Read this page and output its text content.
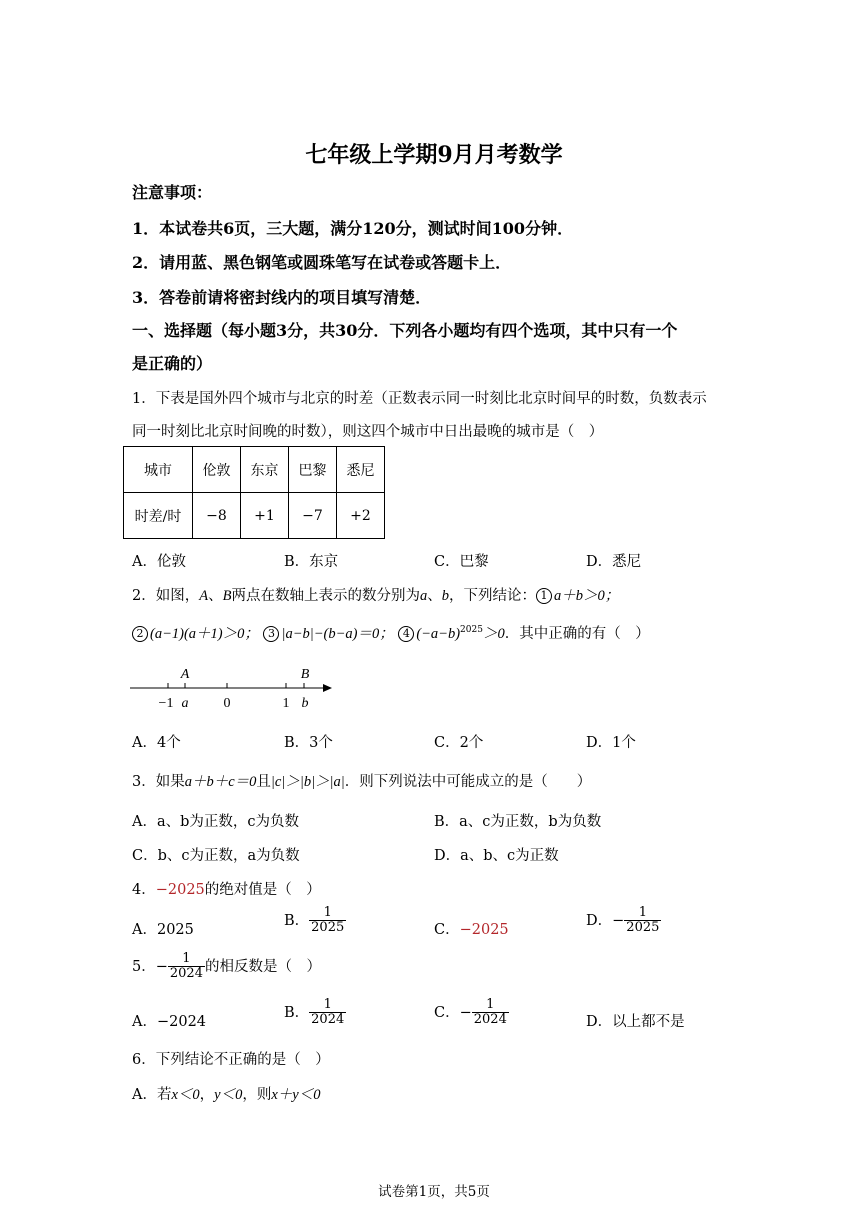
七年级上学期9月月考数学
注意事项：
1．本试卷共6页，三大题，满分120分，测试时间100分钟．
2．请用蓝、黑色钢笔或圆珠笔写在试卷或答题卡上．
3．答卷前请将密封线内的项目填写清楚．
一、选择题（每小题3分，共30分．下列各小题均有四个选项，其中只有一个
是正确的）
1．下表是国外四个城市与北京的时差（正数表示同一时刻比北京时间早的时数，负数表示
同一时刻比北京时间晚的时数），则这四个城市中日出最晚的城市是（　）
城市	伦敦	东京	巴黎	悉尼
时差/时	−8	+1	−7	+2
A．伦敦	B．东京	C．巴黎	D．悉尼
2．如图，A、B两点在数轴上表示的数分别为a、b，下列结论： 1 a＋b＞0；
2 (a−1)(a＋1)＞0； 3 |a−b|−(b−a)＝0； 4 $(-a-b)^{2025}>0$．其中正确的有（　）
A	B
−1 a	0	1 b
A．4个	B．3个	C．2个	D．1个
3．如果a＋b＋c＝0且|c|＞|b|＞|a|．则下列说法中可能成立的是（　　）
A．a、b为正数，c为负数	B．a、c为正数，b为负数
C．b、c为正数，a为负数	D．a、b、c为正数
4．−2025的绝对值是（　）
A．2025
B． $\frac{1}{2025}$	C．−2025
D．− $\frac{1}{2025}$
5．− $\frac{1}{2024}$ 的相反数是（　）
A．−2024
B． $\frac{1}{2024}$	C．− $\frac{1}{2024}$	D．以上都不是
6．下列结论不正确的是（　）
A．若x＜0，y＜0，则x＋y＜0
试卷第1页，共5页
